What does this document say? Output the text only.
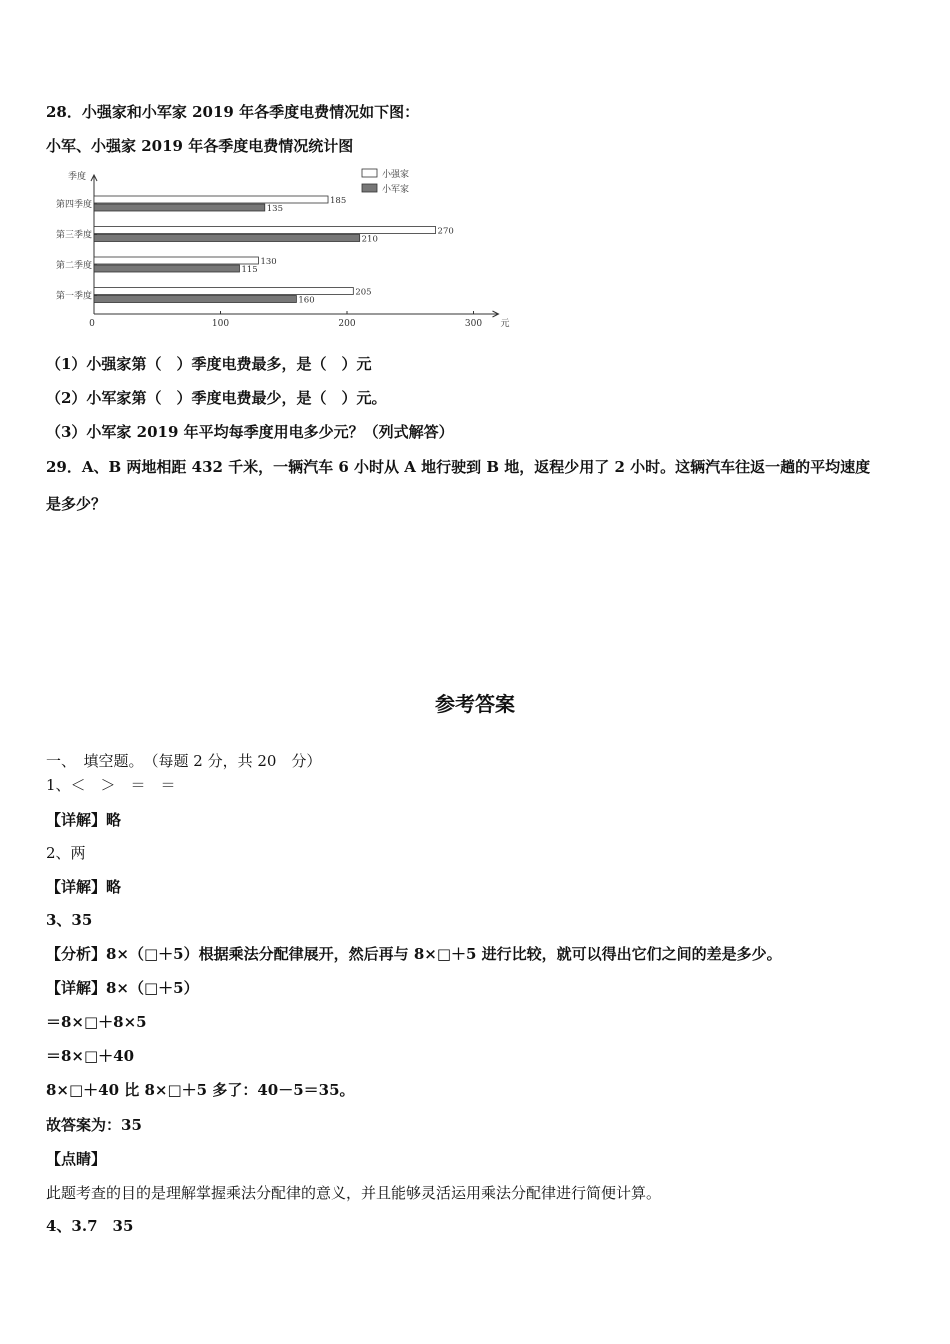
28．小强家和小军家 2019 年各季度电费情况如下图：
小军、小强家 2019 年各季度电费情况统计图
季度
元
0	100	200	300
第一季度	205
160
第二季度	130
115
第三季度	270
210
第四季度	185
135
小强家
小军家
（1）小强家第（　）季度电费最多，是（　）元
（2）小军家第（　）季度电费最少，是（　）元。
（3）小军家 2019 年平均每季度用电多少元？（列式解答）
29．A、B 两地相距 432 千米，一辆汽车 6 小时从 A 地行驶到 B 地，返程少用了 2 小时。这辆汽车往返一趟的平均速度
是多少？
参考答案
一、　填空题。　（每题 2 分，共 20　分）
1、＜　＞　＝　＝
【详解】略
2、两
【详解】略
3、35
【分析】8×（□＋5）根据乘法分配律展开，然后再与 8×□＋5 进行比较，就可以得出它们之间的差是多少。
【详解】8×（□＋5）
＝8×□＋8×5
＝8×□＋40
8×□＋40 比 8×□＋5 多了：40－5＝35。
故答案为：35
【点睛】
此题考查的目的是理解掌握乘法分配律的意义，并且能够灵活运用乘法分配律进行简便计算。
4、3.7　35
